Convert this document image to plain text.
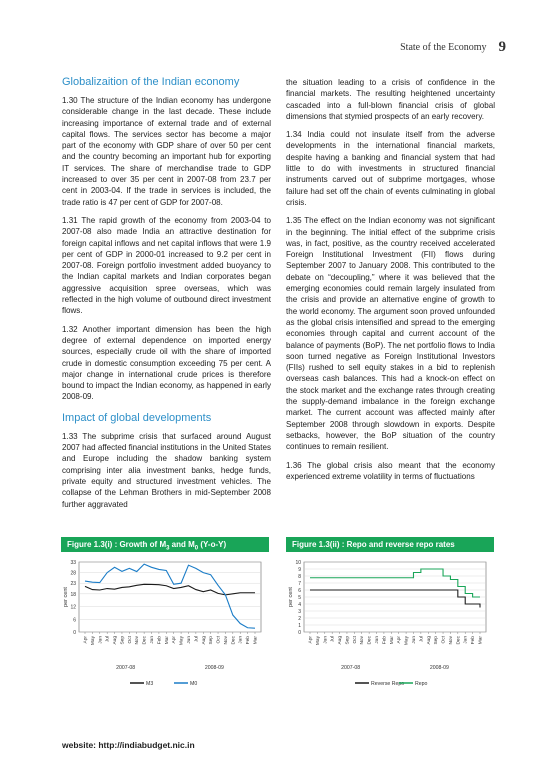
State of the Economy 9
Globalizaition of the Indian economy

1.30 The structure of the Indian economy has undergone considerable change in the last decade. These include increasing importance of external trade and of external capital flows. The services sector has become a major part of the economy with GDP share of over 50 per cent and the country becoming an important hub for exporting IT services. The share of merchandise trade to GDP increased to over 35 per cent in 2007-08 from 23.7 per cent in 2003-04. If the trade in services is included, the trade ratio is 47 per cent of GDP for 2007-08.

1.31 The rapid growth of the economy from 2003-04 to 2007-08 also made India an attractive destination for foreign capital inflows and net capital inflows that were 1.9 per cent of GDP in 2000-01 increased to 9.2 per cent in 2007-08. Foreign portfolio investment added buoyancy to the Indian capital markets and Indian corporates began aggressive acquisition spree overseas, which was reflected in the high volume of outbound direct investment flows.

1.32 Another important dimension has been the high degree of external dependence on imported energy sources, especially crude oil with the share of imported crude in domestic consumption exceeding 75 per cent. A major change in international crude prices is therefore bound to impact the Indian economy, as happened in early 2008-09.

Impact of global developments

1.33 The subprime crisis that surfaced around August 2007 had affected financial institutions in the United States and Europe including the shadow banking system comprising inter alia investment banks, hedge funds, private equity and structured investment vehicles. The collapse of the Lehman Brothers in mid-September 2008 further aggravated

the situation leading to a crisis of confidence in the financial markets. The resulting heightened uncertainty cascaded into a full-blown financial crisis of global dimensions that stymied prospects of an early recovery.

1.34 India could not insulate itself from the adverse developments in the international financial markets, despite having a banking and financial system that had little to do with investments in structured financial instruments carved out of subprime mortgages, whose failure had set off the chain of events culminating in global crisis.

1.35 The effect on the Indian economy was not significant in the beginning. The initial effect of the subprime crisis was, in fact, positive, as the country received accelerated Foreign Institutional Investment (FII) flows during September 2007 to January 2008. This contributed to the debate on “decoupling,” where it was believed that the emerging economies could remain largely insulated from the crisis and provide an alternative engine of growth to the world economy. The argument soon proved unfounded as the global crisis intensified and spread to the emerging economies through capital and current account of the balance of payments (BoP). The net portfolio flows to India soon turned negative as Foreign Institutional Investors (FIIs) rushed to sell equity stakes in a bid to replenish overseas cash balances. This had a knock-on effect on the stock market and the exchange rates through creating the supply-demand imbalance in the foreign exchange market. The current account was affected mainly after September 2008 through slowdown in exports. Despite setbacks, however, the BoP situation of the country continues to remain resilient.

1.36 The global crisis also meant that the economy experienced extreme volatility in terms of fluctuations

Figure 1.3(i) : Growth of $M_3$ and $M_0$ (Y-o-Y)
0
6
12
18
23
28
33
per cent
Apr May Jun Jul Aug Sep Oct Nov Dec Jan Feb Mar Apr May Jun Jul Aug Sep Oct Nov Dec Jan Feb Mar
2007-08	2008-09
M3	M0
Figure 1.3(ii) : Repo and reverse repo rates
0
1
2
3
4
5
6
7
8
9
10
per cent
Apr May Jun Jul Aug Sep Oct Nov Dec Jan Feb Mar Apr May Jun Jul Aug Sep Oct Nov Dec Jan Feb Mar
2007-08	2008-09
Reverse Repo Repo
website: http://indiabudget.nic.in
